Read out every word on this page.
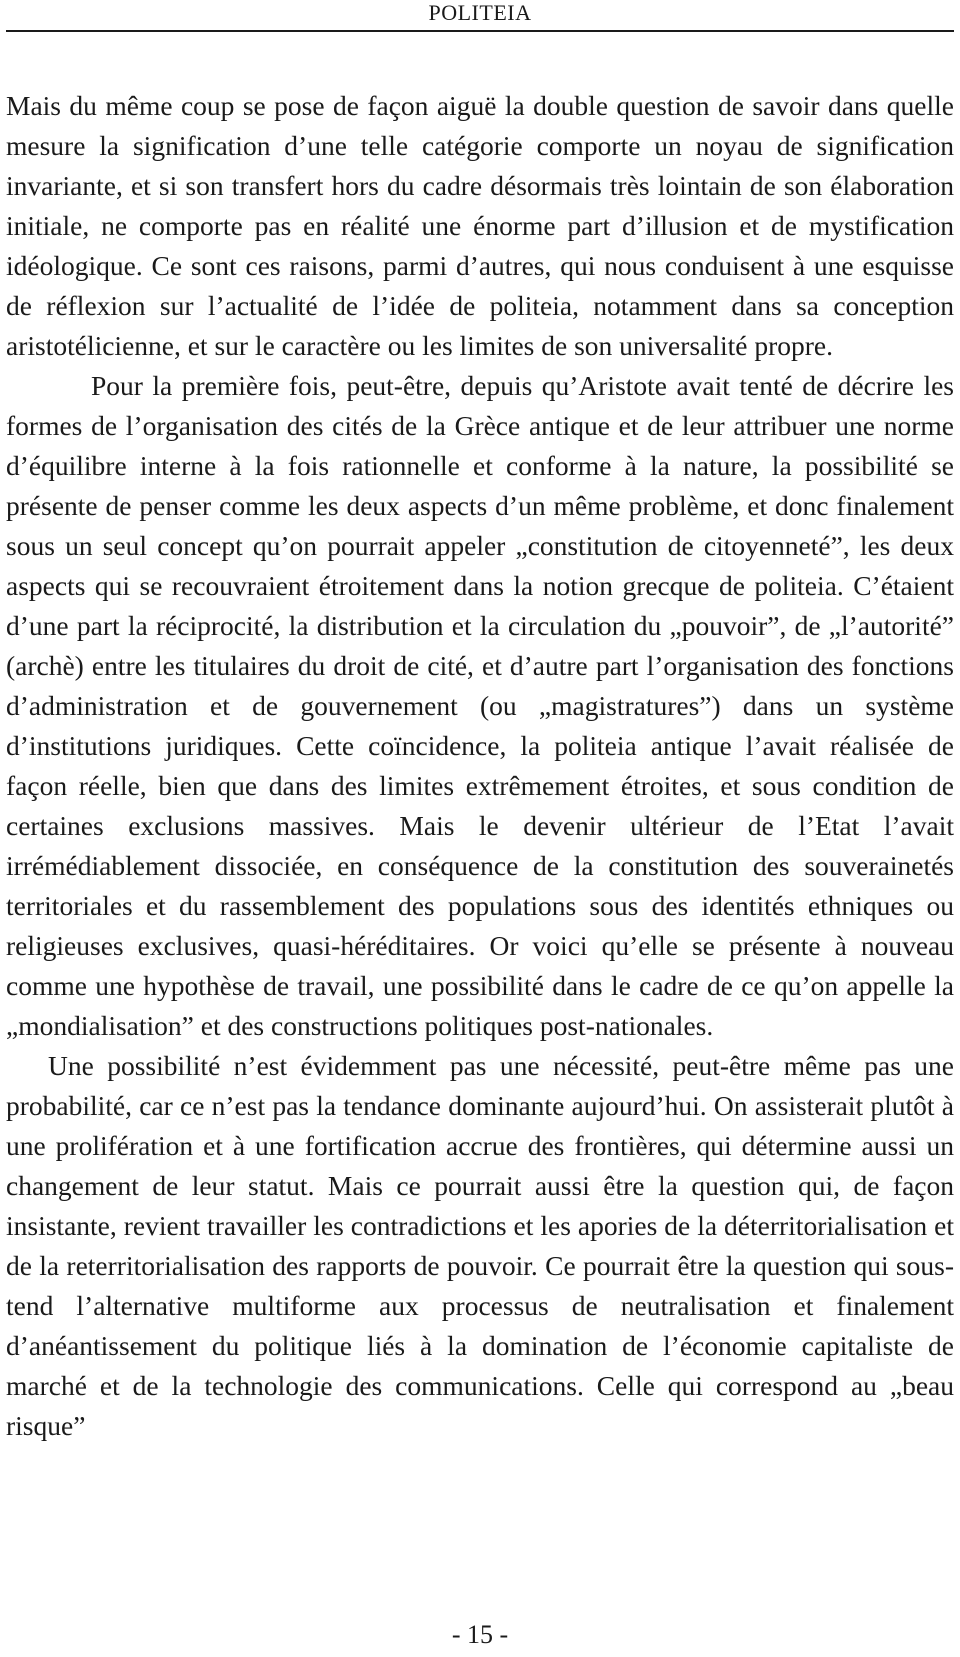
POLITEIA

Mais du même coup se pose de façon aiguë la double question de savoir dans quelle mesure la signification d’une telle catégorie comporte un noyau de signification invariante, et si son transfert hors du cadre désormais très lointain de son élaboration initiale, ne comporte pas en réalité une énorme part d’illusion et de mystification idéologique. Ce sont ces raisons, parmi d’autres, qui nous conduisent à une esquisse de réflexion sur l’actualité de l’idée de politeia, notamment dans sa conception aristotélicienne, et sur le caractère ou les limites de son universalité propre.

Pour la première fois, peut-être, depuis qu’Aristote avait tenté de décrire les formes de l’organisation des cités de la Grèce antique et de leur attribuer une norme d’équilibre interne à la fois rationnelle et conforme à la nature, la possibilité se présente de penser comme les deux aspects d’un même problème, et donc finalement sous un seul concept qu’on pourrait appeler „constitution de citoyenneté”, les deux aspects qui se recouvraient étroitement dans la notion grecque de politeia. C’étaient d’une part la réciprocité, la distribution et la circulation du „pouvoir”, de „l’autorité” (archè) entre les titulaires du droit de cité, et d’autre part l’organisation des fonctions d’administration et de gouvernement (ou „magistratures”) dans un système d’institutions juridiques. Cette coïncidence, la politeia antique l’avait réalisée de façon réelle, bien que dans des limites extrêmement étroites, et sous condition de certaines exclusions massives. Mais le devenir ultérieur de l’Etat l’avait irrémédiablement dissociée, en conséquence de la constitution des souverainetés territoriales et du rassemblement des populations sous des identités ethniques ou religieuses exclusives, quasi-héréditaires. Or voici qu’elle se présente à nouveau comme une hypothèse de travail, une possibilité dans le cadre de ce qu’on appelle la „mondialisation” et des constructions politiques post-nationales.

Une possibilité n’est évidemment pas une nécessité, peut-être même pas une probabilité, car ce n’est pas la tendance dominante aujourd’hui. On assisterait plutôt à une prolifération et à une fortification accrue des frontières, qui détermine aussi un changement de leur statut. Mais ce pourrait aussi être la question qui, de façon insistante, revient travailler les contradictions et les apories de la déterritorialisation et de la reterritorialisation des rapports de pouvoir. Ce pourrait être la question qui sous-tend l’alternative multiforme aux processus de neutralisation et finalement d’anéantissement du politique liés à la domination de l’économie capitaliste de marché et de la technologie des communications. Celle qui correspond au „beau risque”

- 15 -
